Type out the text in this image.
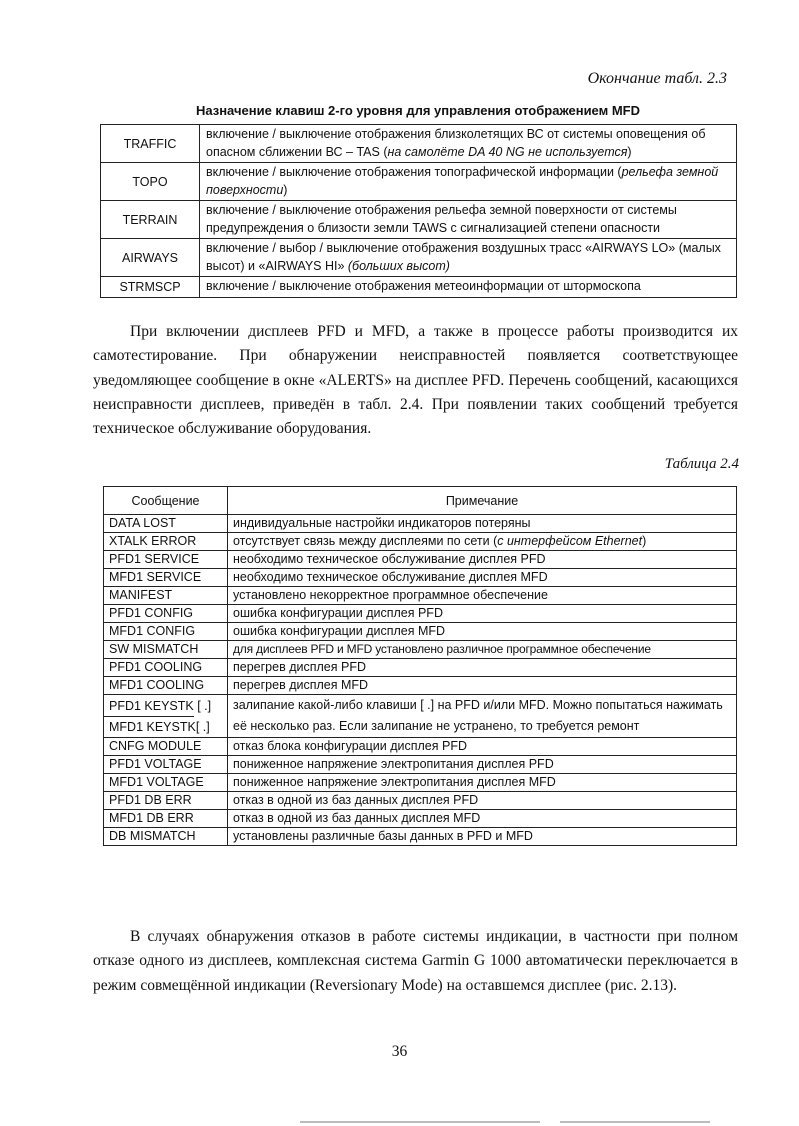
Окончание табл. 2.3
Назначение клавиш 2-го уровня для управления отображением MFD
TRAFFIC	включение / выключение отображения близколетящих ВС от системы оповещения об опасном сближении ВС – TAS (на самолёте DA 40 NG не используется)
TOPO	включение / выключение отображения топографической информации (рельефа земной поверхности)
TERRAIN	включение / выключение отображения рельефа земной поверхности от системы предупреждения о близости земли TAWS с сигнализацией степени опасности
AIRWAYS	включение / выбор / выключение отображения воздушных трасс «AIRWAYS LO» (малых высот) и «AIRWAYS HI» (больших высот)
STRMSCP	включение / выключение отображения метеоинформации от штормоскопа

При включении дисплеев PFD и MFD, а также в процессе работы производится их самотестирование. При обнаружении неисправностей появляется соответствующее уведомляющее сообщение в окне «ALERTS» на дисплее PFD. Перечень сообщений, касающихся неисправности дисплеев, приведён в табл. 2.4. При появлении таких сообщений требуется техническое обслуживание оборудования.

Таблица 2.4
Сообщение	Примечание
DATA LOST	индивидуальные настройки индикаторов потеряны
XTALK ERROR	отсутствует связь между дисплеями по сети (с интерфейсом Ethernet)
PFD1 SERVICE	необходимо техническое обслуживание дисплея PFD
MFD1 SERVICE	необходимо техническое обслуживание дисплея MFD
MANIFEST	установлено некорректное программное обеспечение
PFD1 CONFIG	ошибка конфигурации дисплея PFD
MFD1 CONFIG	ошибка конфигурации дисплея MFD
SW MISMATCH	для дисплеев PFD и MFD установлено различное программное обеспечение
PFD1 COOLING	перегрев дисплея PFD
MFD1 COOLING	перегрев дисплея MFD

PFD1 KEYSTK [ .]
MFD1 KEYSTK[ .]	залипание какой-либо клавиши [ .] на PFD и/или MFD. Можно попытаться нажимать её несколько раз. Если залипание не устранено, то требуется ремонт
CNFG MODULE	отказ блока конфигурации дисплея PFD
PFD1 VOLTAGE	пониженное напряжение электропитания дисплея PFD
MFD1 VOLTAGE	пониженное напряжение электропитания дисплея MFD
PFD1 DB ERR	отказ в одной из баз данных дисплея PFD
MFD1 DB ERR	отказ в одной из баз данных дисплея MFD
DB MISMATCH	установлены различные базы данных в PFD и MFD

В случаях обнаружения отказов в работе системы индикации, в частности при полном отказе одного из дисплеев, комплексная система Garmin G 1000 автоматически переключается в режим совмещённой индикации (Reversionary Mode) на оставшемся дисплее (рис. 2.13).

36
